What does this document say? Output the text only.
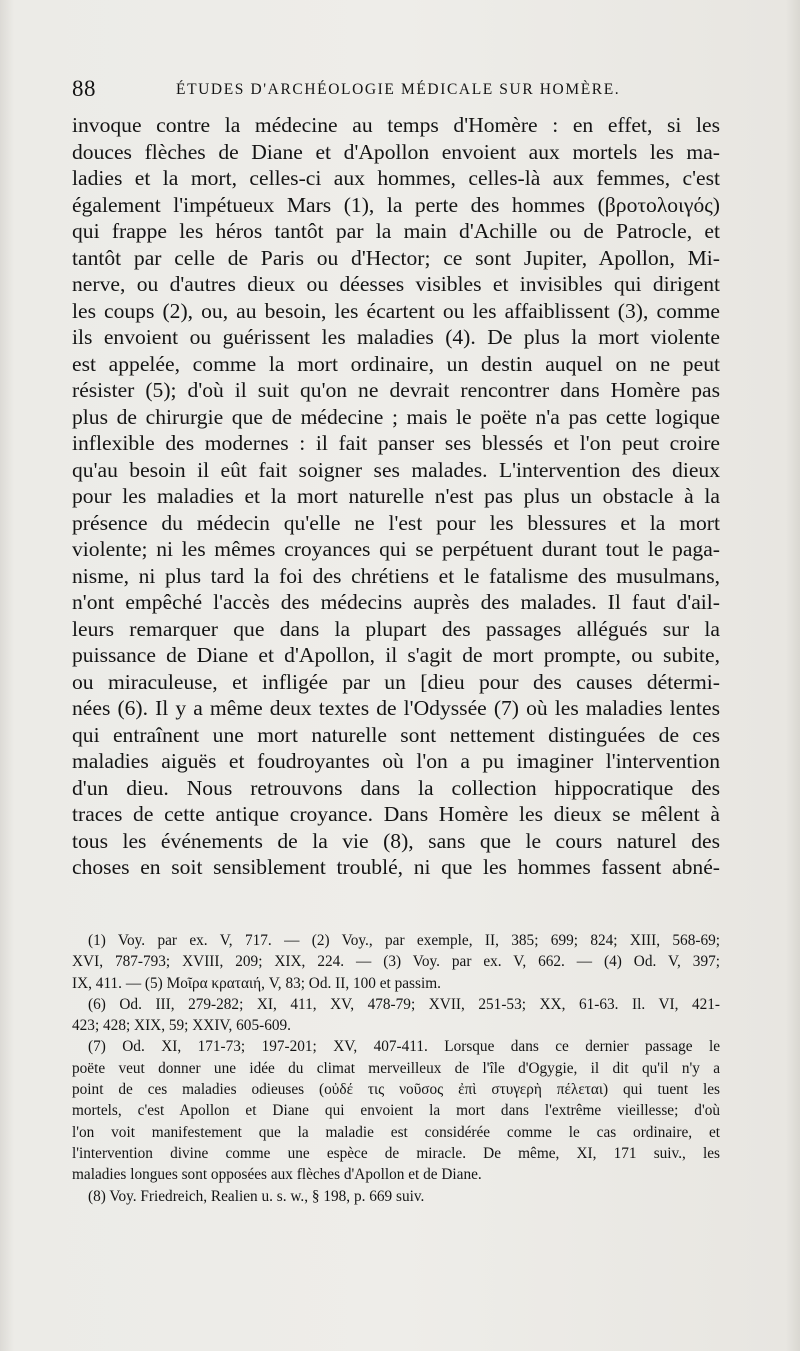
88	ÉTUDES D'ARCHÉOLOGIE MÉDICALE SUR HOMÈRE.
invoque contre la médecine au temps d'Homère : en effet, si les
douces flèches de Diane et d'Apollon envoient aux mortels les ma-
ladies et la mort, celles-ci aux hommes, celles-là aux femmes, c'est
également l'impétueux Mars (1), la perte des hommes (βροτολοιγός)
qui frappe les héros tantôt par la main d'Achille ou de Patrocle, et
tantôt par celle de Paris ou d'Hector; ce sont Jupiter, Apollon, Mi-
nerve, ou d'autres dieux ou déesses visibles et invisibles qui dirigent
les coups (2), ou, au besoin, les écartent ou les affaiblissent (3), comme
ils envoient ou guérissent les maladies (4). De plus la mort violente
est appelée, comme la mort ordinaire, un destin auquel on ne peut
résister (5); d'où il suit qu'on ne devrait rencontrer dans Homère pas
plus de chirurgie que de médecine ; mais le poëte n'a pas cette logique
inflexible des modernes : il fait panser ses blessés et l'on peut croire
qu'au besoin il eût fait soigner ses malades. L'intervention des dieux
pour les maladies et la mort naturelle n'est pas plus un obstacle à la
présence du médecin qu'elle ne l'est pour les blessures et la mort
violente; ni les mêmes croyances qui se perpétuent durant tout le paga-
nisme, ni plus tard la foi des chrétiens et le fatalisme des musulmans,
n'ont empêché l'accès des médecins auprès des malades. Il faut d'ail-
leurs remarquer que dans la plupart des passages allégués sur la
puissance de Diane et d'Apollon, il s'agit de mort prompte, ou subite,
ou miraculeuse, et infligée par un [dieu pour des causes détermi-
nées (6). Il y a même deux textes de l'Odyssée (7) où les maladies lentes
qui entraînent une mort naturelle sont nettement distinguées de ces
maladies aiguës et foudroyantes où l'on a pu imaginer l'intervention
d'un dieu. Nous retrouvons dans la collection hippocratique des
traces de cette antique croyance. Dans Homère les dieux se mêlent à
tous les événements de la vie (8), sans que le cours naturel des
choses en soit sensiblement troublé, ni que les hommes fassent abné-
(1) Voy. par ex. V, 717. — (2) Voy., par exemple, II, 385; 699; 824; XIII, 568-69;
XVI, 787-793; XVIII, 209; XIX, 224. — (3) Voy. par ex. V, 662. — (4) Od. V, 397;
IX, 411. — (5) Μοῖρα κραταιή, V, 83; Od. II, 100 et passim.
(6) Od. III, 279-282; XI, 411, XV, 478-79; XVII, 251-53; XX, 61-63. Il. VI, 421-
423; 428; XIX, 59; XXIV, 605-609.
(7) Od. XI, 171-73; 197-201; XV, 407-411. Lorsque dans ce dernier passage le
poëte veut donner une idée du climat merveilleux de l'île d'Ogygie, il dit qu'il n'y a
point de ces maladies odieuses (οὐδέ τις νοῦσος ἐπὶ στυγερὴ πέλεται) qui tuent les
mortels, c'est Apollon et Diane qui envoient la mort dans l'extrême vieillesse; d'où
l'on voit manifestement que la maladie est considérée comme le cas ordinaire, et
l'intervention divine comme une espèce de miracle. De même, XI, 171 suiv., les
maladies longues sont opposées aux flèches d'Apollon et de Diane.
(8) Voy. Friedreich, Realien u. s. w., § 198, p. 669 suiv.
